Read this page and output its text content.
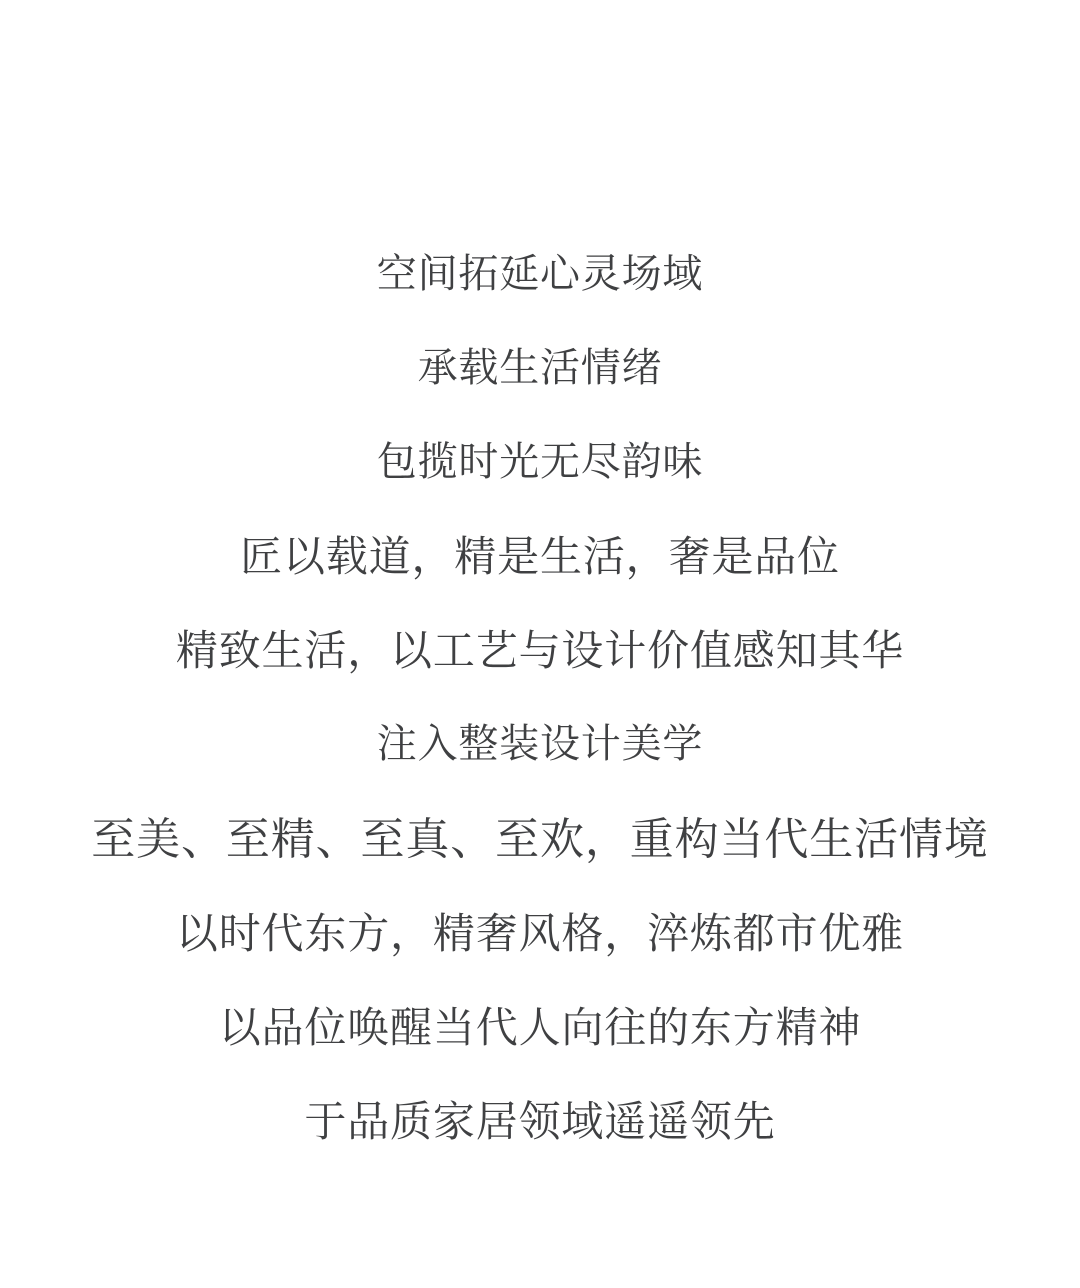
空间拓延心灵场域
承载生活情绪
包揽时光无尽韵味
匠以载道，精是生活，奢是品位
精致生活，以工艺与设计价值感知其华
注入整装设计美学
至美、至精、至真、至欢，重构当代生活情境
以时代东方，精奢风格，淬炼都市优雅
以品位唤醒当代人向往的东方精神
于品质家居领域遥遥领先
